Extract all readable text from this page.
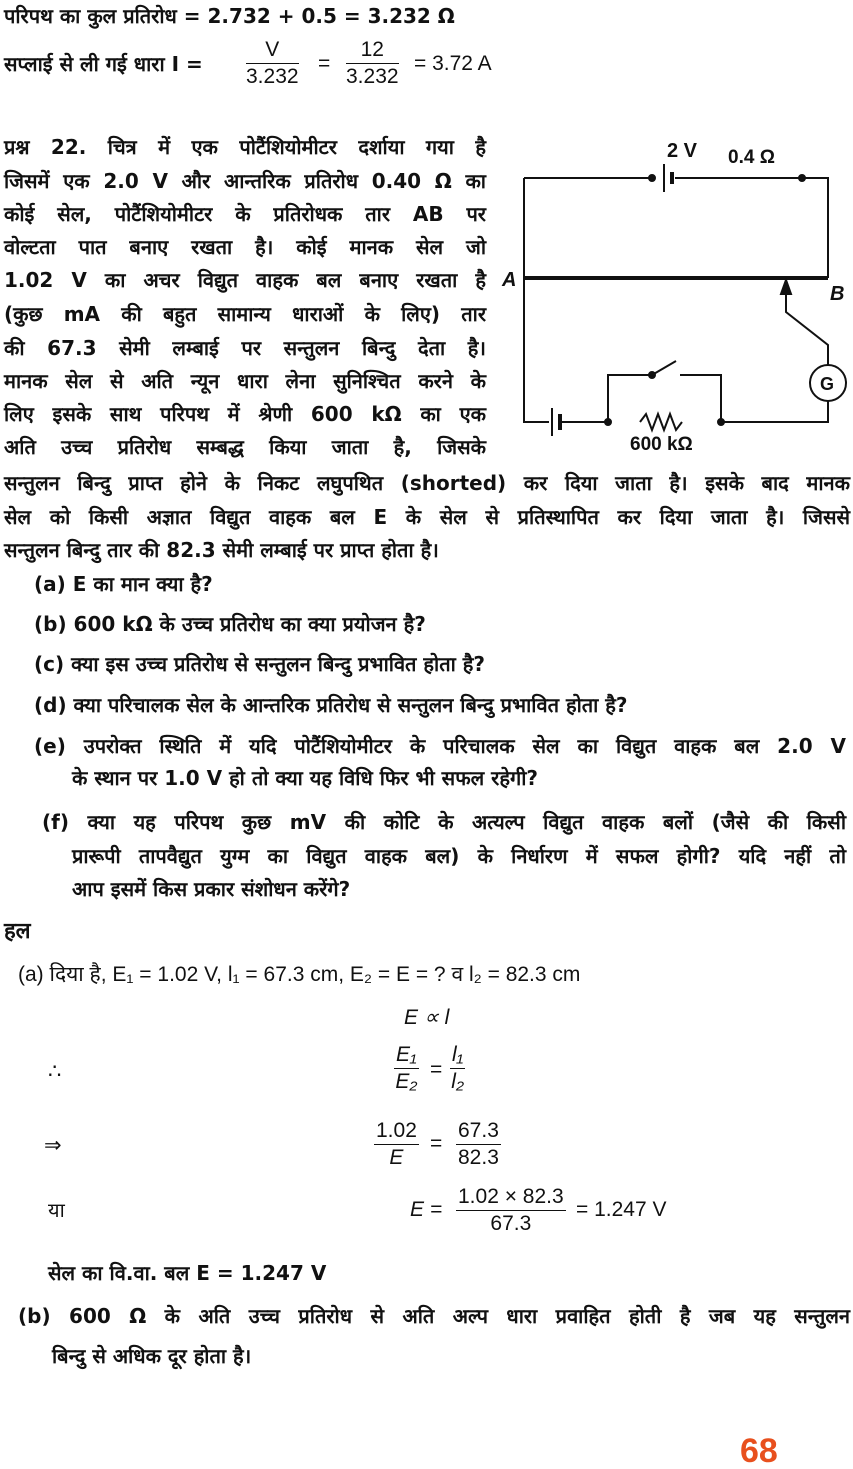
परिपथ का कुल प्रतिरोध = 2.732 + 0.5 = 3.232 Ω
सप्लाई से ली गई धारा $I = \frac{V}{3.232} = \frac{12}{3.232} = 3.72$ A
प्रश्न 22. चित्र में एक पोटैंशियोमीटर दर्शाया गया है
जिसमें एक 2.0 V और आन्तरिक प्रतिरोध 0.40 Ω का
कोई सेल, पोटैंशियोमीटर के प्रतिरोधक तार AB पर
वोल्टता पात बनाए रखता है। कोई मानक सेल जो
1.02 V का अचर विद्युत वाहक बल बनाए रखता है
(कुछ mA की बहुत सामान्य धाराओं के लिए) तार
की 67.3 सेमी लम्बाई पर सन्तुलन बिन्दु देता है।
मानक सेल से अति न्यून धारा लेना सुनिश्चित करने के
लिए इसके साथ परिपथ में श्रेणी 600 kΩ का एक
अति उच्च प्रतिरोध सम्बद्ध किया जाता है, जिसके
सन्तुलन बिन्दु प्राप्त होने के निकट लघुपथित (shorted) कर दिया जाता है। इसके बाद मानक
सेल को किसी अज्ञात विद्युत वाहक बल E के सेल से प्रतिस्थापित कर दिया जाता है। जिससे
सन्तुलन बिन्दु तार की 82.3 सेमी लम्बाई पर प्राप्त होता है।
(a) E का मान क्या है?
(b) 600 kΩ के उच्च प्रतिरोध का क्या प्रयोजन है?
(c) क्या इस उच्च प्रतिरोध से सन्तुलन बिन्दु प्रभावित होता है?
(d) क्या परिचालक सेल के आन्तरिक प्रतिरोध से सन्तुलन बिन्दु प्रभावित होता है?
(e) उपरोक्त स्थिति में यदि पोटैंशियोमीटर के परिचालक सेल का विद्युत वाहक बल 2.0 V
के स्थान पर 1.0 V हो तो क्या यह विधि फिर भी सफल रहेगी?
(f) क्या यह परिपथ कुछ mV की कोटि के अत्यल्प विद्युत वाहक बलों (जैसे की किसी
प्रारूपी तापवैद्युत युग्म का विद्युत वाहक बल) के निर्धारण में सफल होगी? यदि नहीं तो
आप इसमें किस प्रकार संशोधन करेंगे?
2 V 0.4 Ω
A
B
G
600 kΩ
हल
(a) दिया है, E₁ = 1.02 V, l₁ = 67.3 cm, E₂ = E = ? व l₂ = 82.3 cm
E ∝ l
∴	$\frac{\text{E₁}}{\text{E₂}} = \frac{\text{l₁}}{\text{l₂}}$
⇒	$\frac{1.02}{E} = \frac{67.3}{82.3}$
या	$E = \frac{1.02 \times 82.3}{67.3} = 1.247$ V
सेल का वि.वा. बल E = 1.247 V
(b) 600 Ω के अति उच्च प्रतिरोध से अति अल्प धारा प्रवाहित होती है जब यह सन्तुलन
बिन्दु से अधिक दूर होता है।
68
